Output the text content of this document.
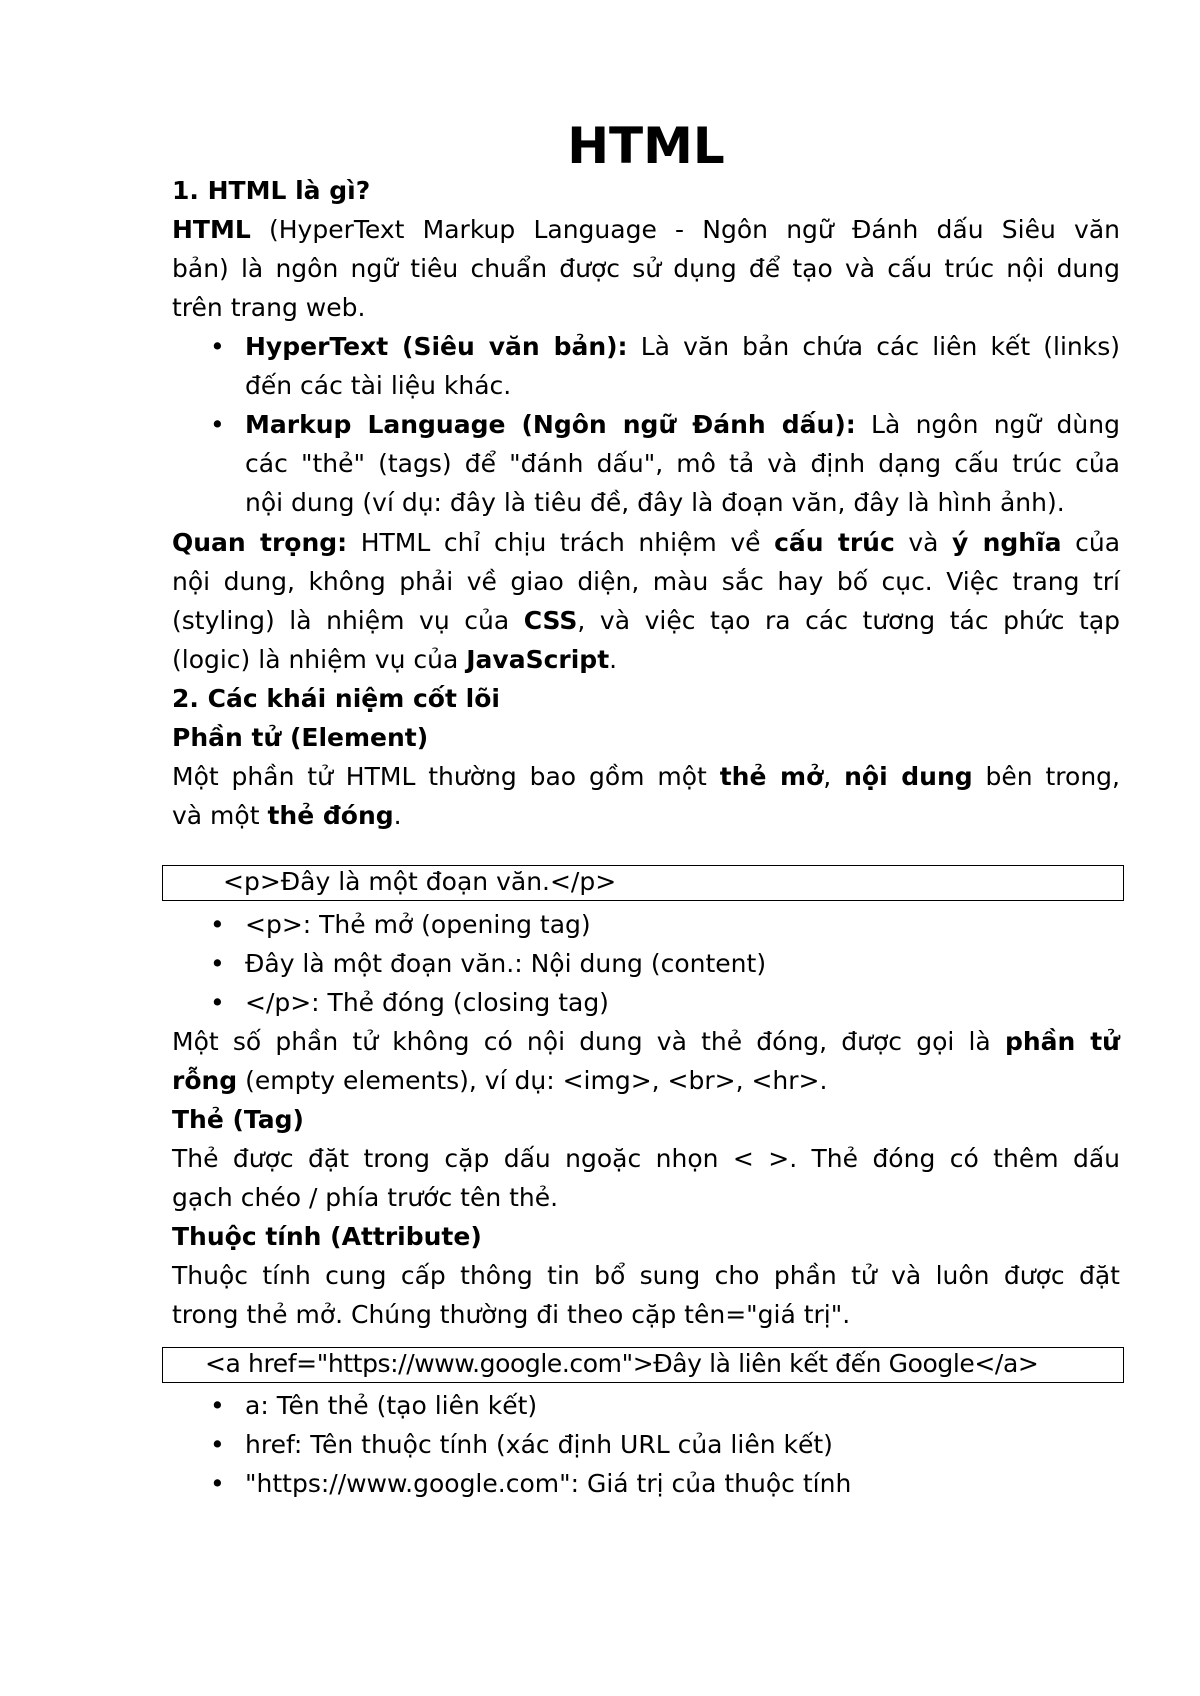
HTML
1. HTML là gì?
HTML (HyperText Markup Language - Ngôn ngữ Đánh dấu Siêu văn
bản) là ngôn ngữ tiêu chuẩn được sử dụng để tạo và cấu trúc nội dung
trên trang web.
• HyperText (Siêu văn bản): Là văn bản chứa các liên kết (links)
đến các tài liệu khác.
• Markup Language (Ngôn ngữ Đánh dấu): Là ngôn ngữ dùng
các "thẻ" (tags) để "đánh dấu", mô tả và định dạng cấu trúc của
nội dung (ví dụ: đây là tiêu đề, đây là đoạn văn, đây là hình ảnh).
Quan trọng: HTML chỉ chịu trách nhiệm về cấu trúc và ý nghĩa của
nội dung, không phải về giao diện, màu sắc hay bố cục. Việc trang trí
(styling) là nhiệm vụ của CSS, và việc tạo ra các tương tác phức tạp
(logic) là nhiệm vụ của JavaScript.
2. Các khái niệm cốt lõi
Phần tử (Element)
Một phần tử HTML thường bao gồm một thẻ mở, nội dung bên trong,
và một thẻ đóng.
<p>Đây là một đoạn văn.</p>
• <p>: Thẻ mở (opening tag)
• Đây là một đoạn văn.: Nội dung (content)
• </p>: Thẻ đóng (closing tag)
Một số phần tử không có nội dung và thẻ đóng, được gọi là phần tử
rỗng (empty elements), ví dụ: <img>, <br>, <hr>.
Thẻ (Tag)
Thẻ được đặt trong cặp dấu ngoặc nhọn < >. Thẻ đóng có thêm dấu
gạch chéo / phía trước tên thẻ.
Thuộc tính (Attribute)
Thuộc tính cung cấp thông tin bổ sung cho phần tử và luôn được đặt
trong thẻ mở. Chúng thường đi theo cặp tên="giá trị".
<a href="https://www.google.com">Đây là liên kết đến Google</a>
• a: Tên thẻ (tạo liên kết)
• href: Tên thuộc tính (xác định URL của liên kết)
• "https://www.google.com": Giá trị của thuộc tính
